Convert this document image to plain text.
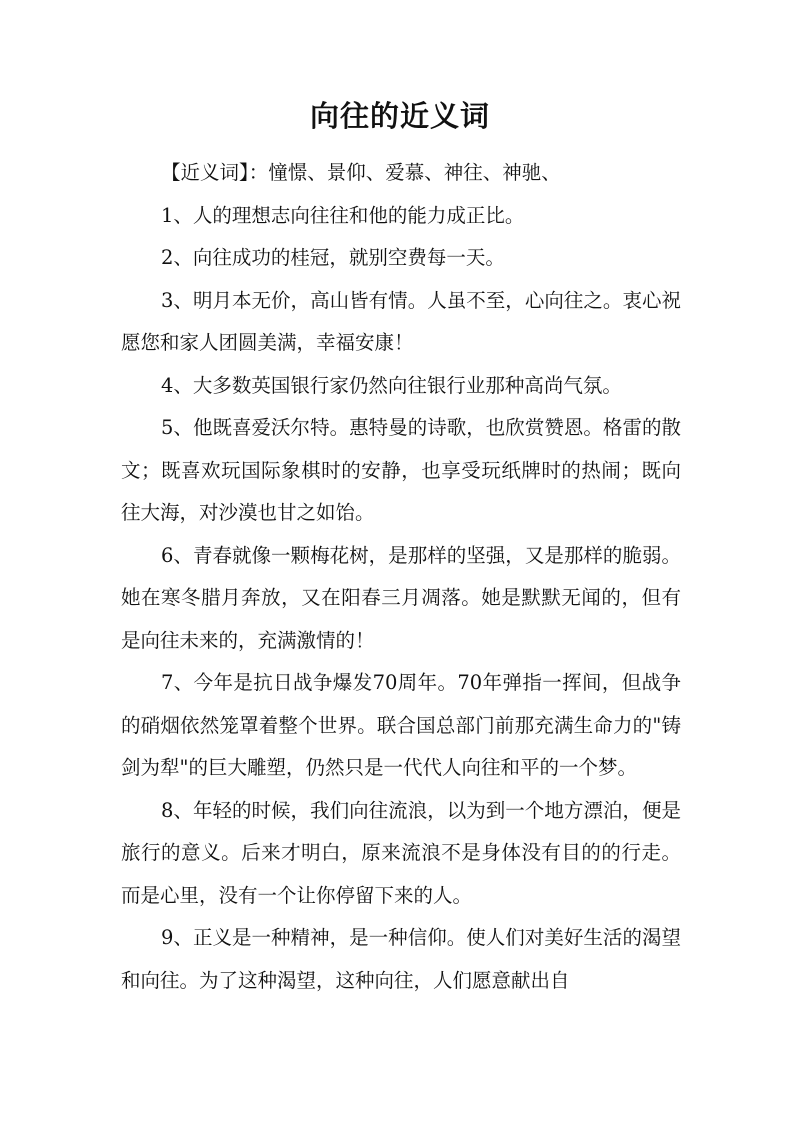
向往的近义词

【近义词】：憧憬、景仰、爱慕、神往、神驰、

1、人的理想志向往往和他的能力成正比。

2、向往成功的桂冠，就别空费每一天。

3、明月本无价，高山皆有情。人虽不至，心向往之。衷心祝愿您和家人团圆美满，幸福安康！

4、大多数英国银行家仍然向往银行业那种高尚气氛。

5、他既喜爱沃尔特。惠特曼的诗歌，也欣赏赞恩。格雷的散文；既喜欢玩国际象棋时的安静，也享受玩纸牌时的热闹；既向往大海，对沙漠也甘之如饴。

6、青春就像一颗梅花树，是那样的坚强，又是那样的脆弱。她在寒冬腊月奔放，又在阳春三月凋落。她是默默无闻的，但有是向往未来的，充满激情的！

7、今年是抗日战争爆发70周年。70年弹指一挥间，但战争的硝烟依然笼罩着整个世界。联合国总部门前那充满生命力的"铸剑为犁"的巨大雕塑，仍然只是一代代人向往和平的一个梦。

8、年轻的时候，我们向往流浪，以为到一个地方漂泊，便是旅行的意义。后来才明白，原来流浪不是身体没有目的的行走。而是心里，没有一个让你停留下来的人。

9、正义是一种精神，是一种信仰。使人们对美好生活的渴望和向往。为了这种渴望，这种向往，人们愿意献出自
